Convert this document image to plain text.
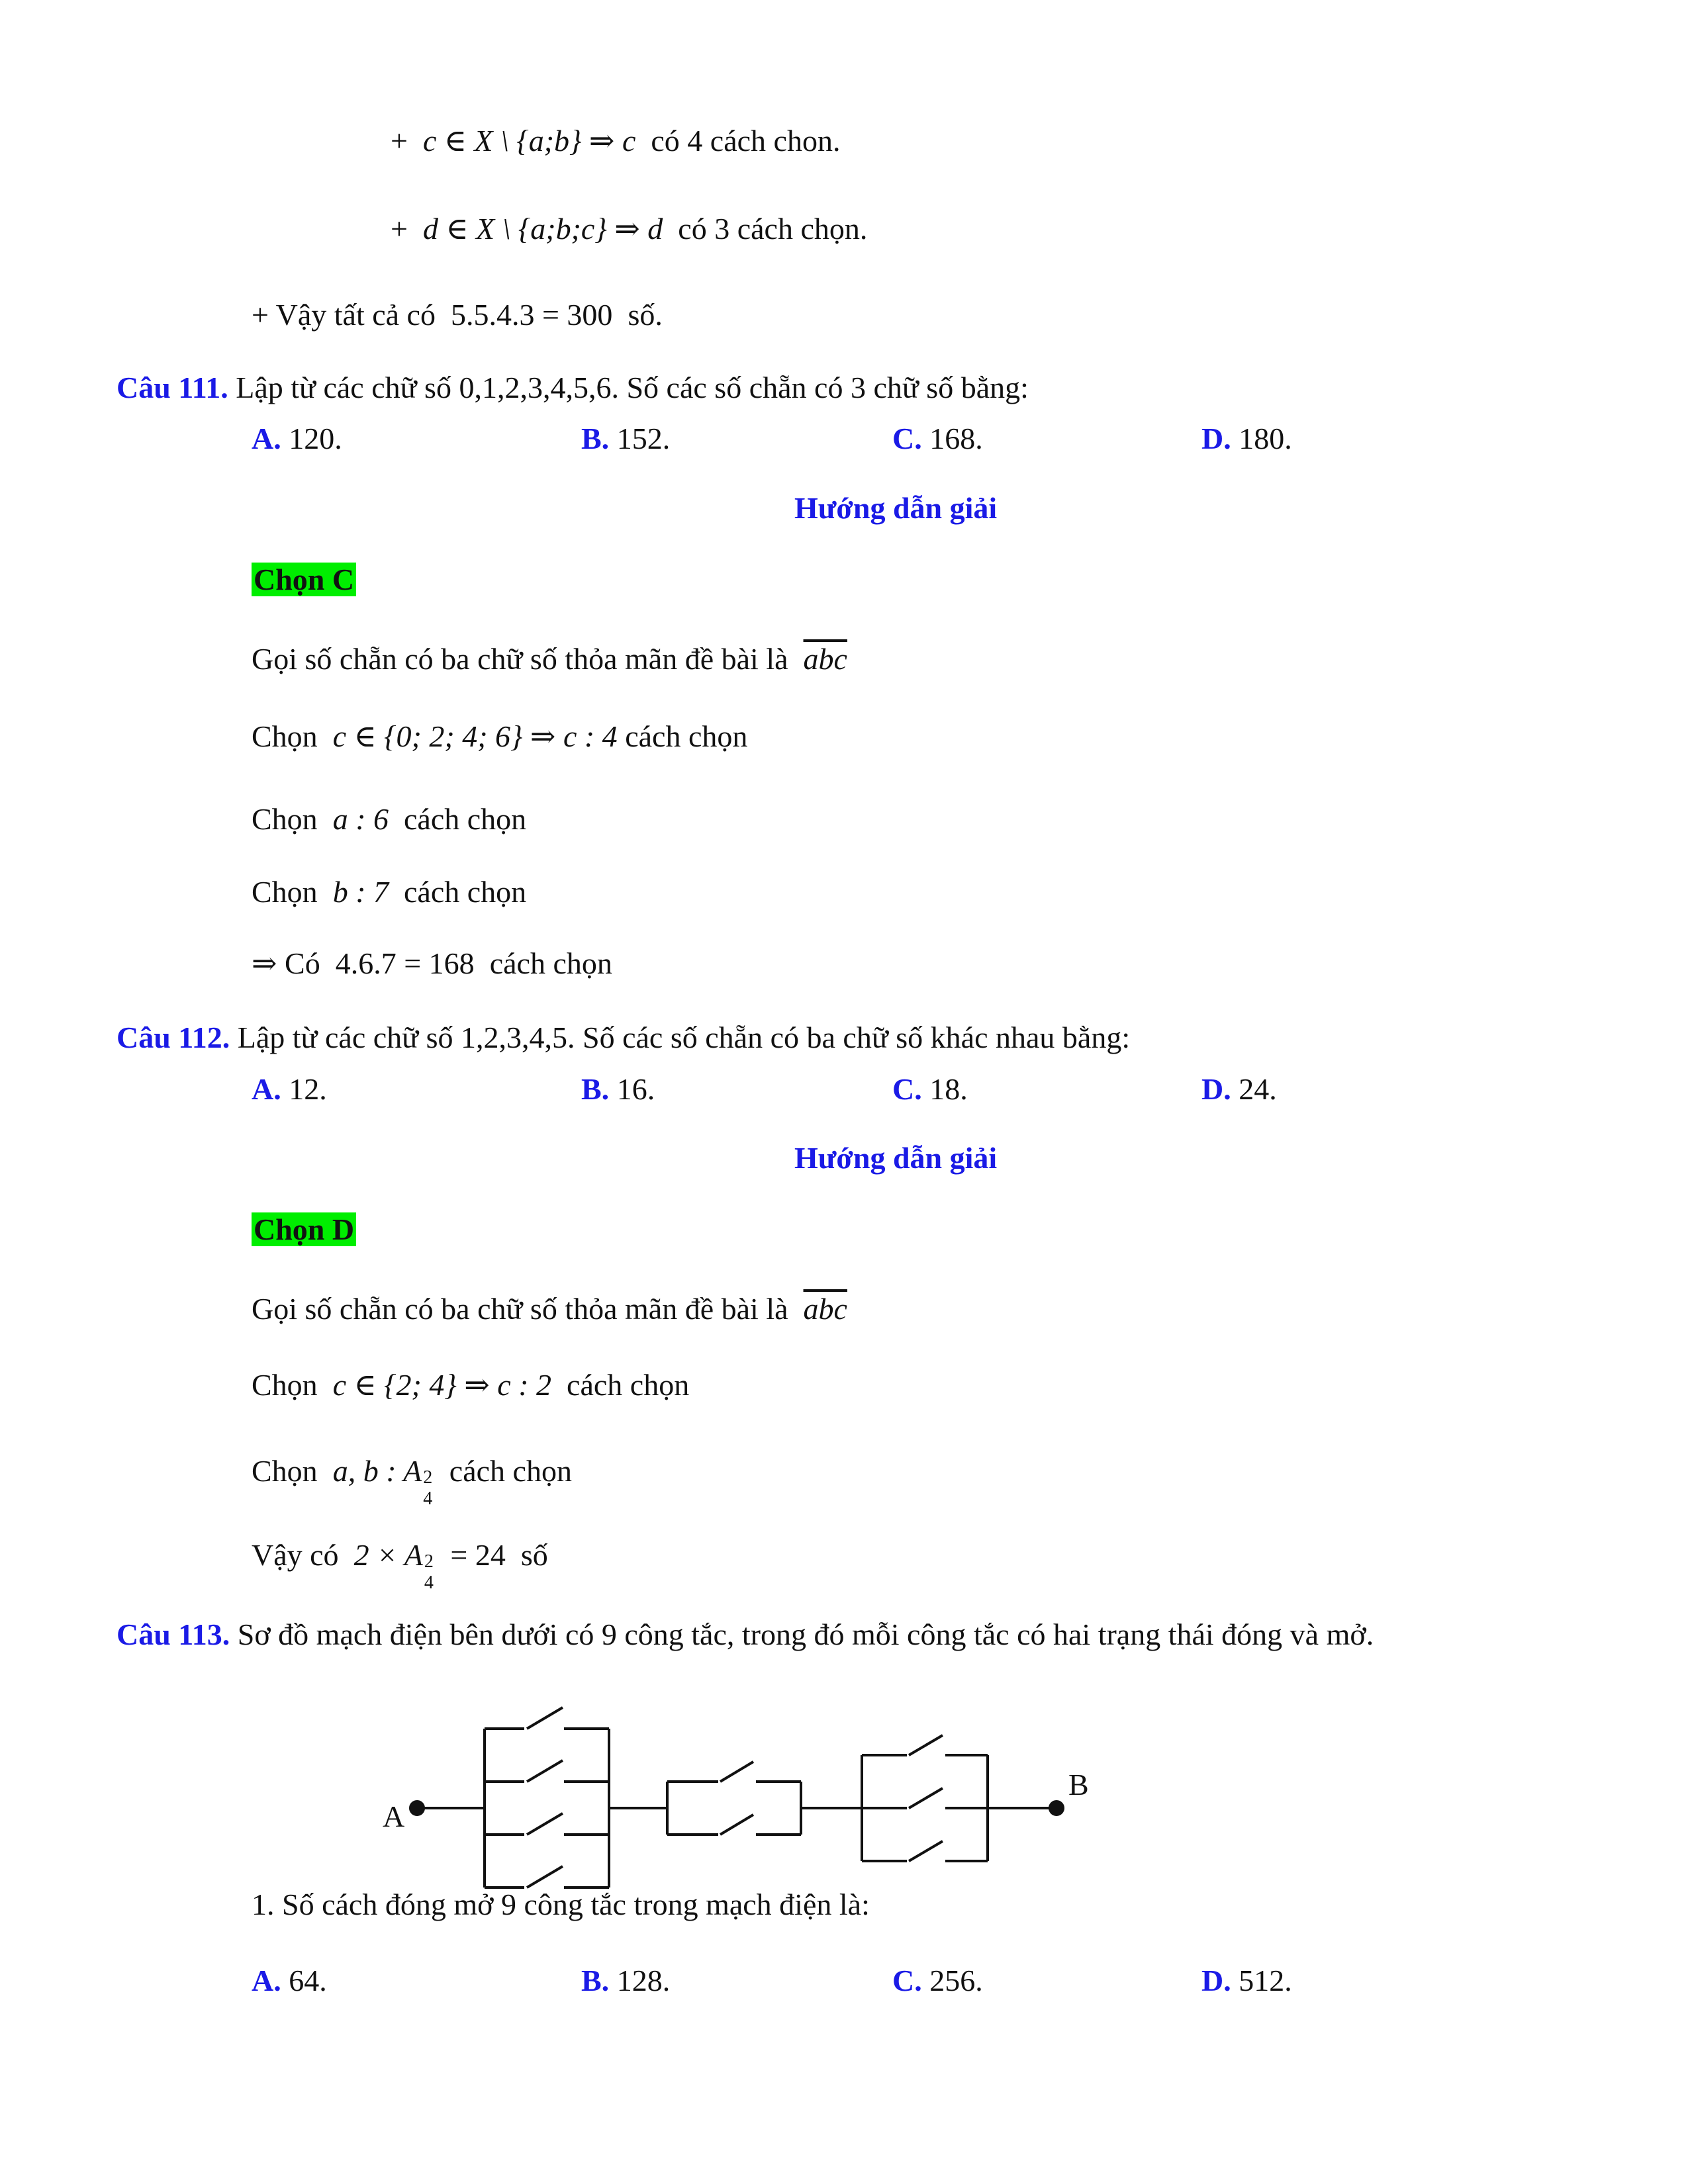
+ c ∈ X \ {a;b} ⇒ c có 4 cách chon.
+ d ∈ X \ {a;b;c} ⇒ d có 3 cách chọn.
+ Vậy tất cả có 5.5.4.3 = 300 số.
Câu 111. Lập từ các chữ số 0,1,2,3,4,5,6. Số các số chẵn có 3 chữ số bằng:
A. 120.	B. 152.	C. 168.	D. 180.
Hướng dẫn giải
Chọn C
Gọi số chẵn có ba chữ số thỏa mãn đề bài là $\overline{abc}$
Chọn c ∈ {0; 2; 4; 6} ⇒ c : 4 cách chọn
Chọn a : 6 cách chọn
Chọn b : 7 cách chọn
⇒ Có 4.6.7 = 168 cách chọn
Câu 112. Lập từ các chữ số 1,2,3,4,5. Số các số chẵn có ba chữ số khác nhau bằng:
A. 12.	B. 16.	C. 18.	D. 24.
Hướng dẫn giải
Chọn D
Gọi số chẵn có ba chữ số thỏa mãn đề bài là $\overline{abc}$
Chọn c ∈ {2; 4} ⇒ c : 2 cách chọn
Chọn a, b : A 2
4
cách chọn
Vậy có 2 × A 2
4
= 24 số
Câu 113. Sơ đồ mạch điện bên dưới có 9 công tắc, trong đó mỗi công tắc có hai trạng thái đóng và mở.
A
B
1. Số cách đóng mở 9 công tắc trong mạch điện là:
A. 64.	B. 128.	C. 256.	D. 512.
